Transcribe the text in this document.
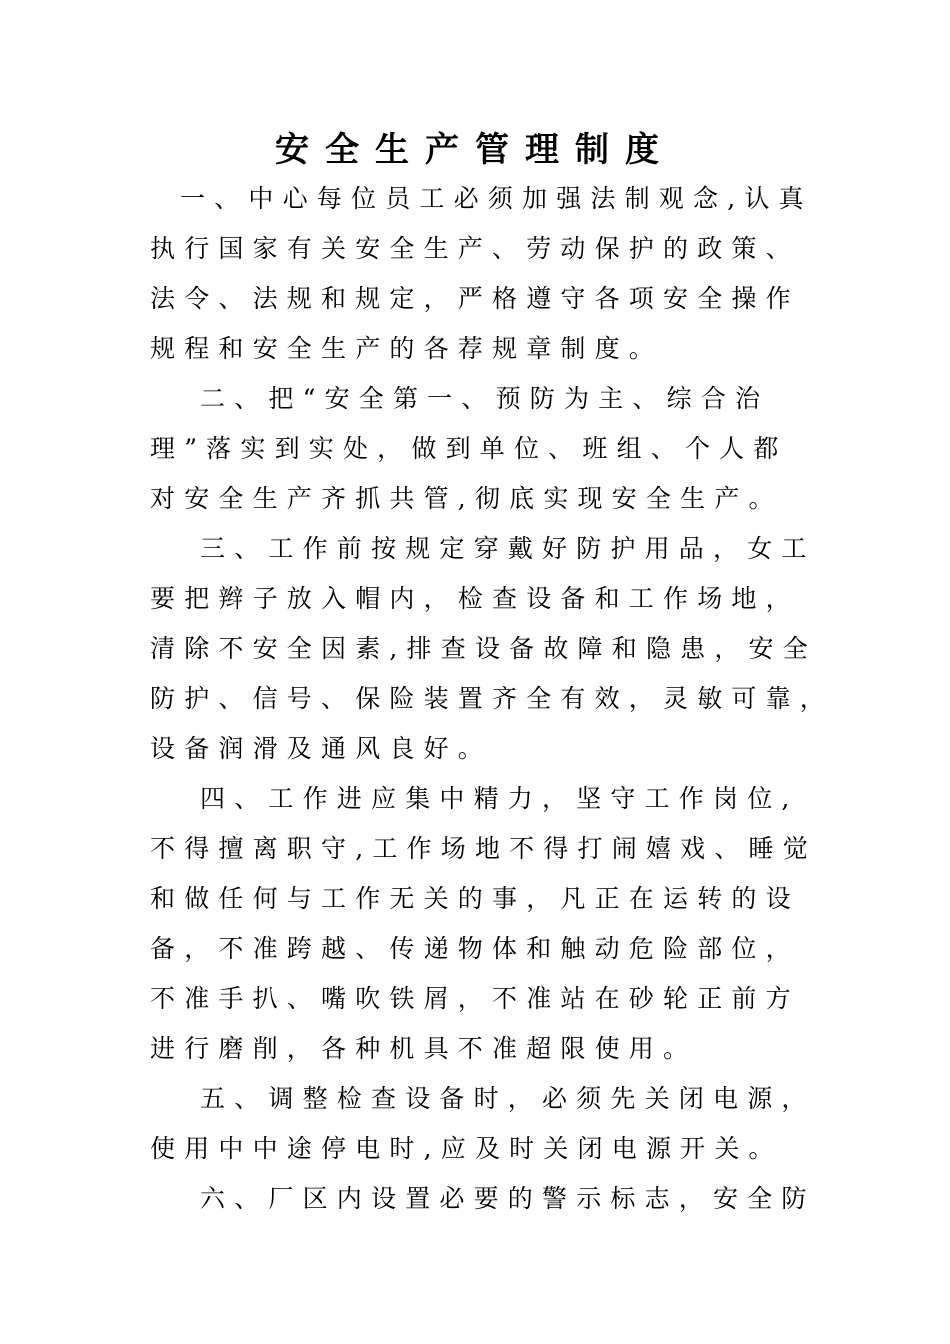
安全生产管理制度
一、中心每位员工必须加强法制观念,认真
执行国家有关安全生产、劳动保护的政策、
法令、法规和规定，严格遵守各项安全操作
规程和安全生产的各荐规章制度。
二、把“安全第一、预防为主、综合治
理”落实到实处，做到单位、班组、个人都
对安全生产齐抓共管,彻底实现安全生产。
三、工作前按规定穿戴好防护用品，女工
要把辫子放入帽内，检查设备和工作场地，
清除不安全因素,排查设备故障和隐患，安全
防护、信号、保险装置齐全有效，灵敏可靠，
设备润滑及通风良好。
四、工作进应集中精力，坚守工作岗位,
不得擅离职守,工作场地不得打闹嬉戏、睡觉
和做任何与工作无关的事，凡正在运转的设
备，不准跨越、传递物体和触动危险部位，
不准手扒、嘴吹铁屑，不准站在砂轮正前方
进行磨削，各种机具不准超限使用。
五、调整检查设备时，必须先关闭电源，
使用中中途停电时,应及时关闭电源开关。
六、厂区内设置必要的警示标志，安全防
